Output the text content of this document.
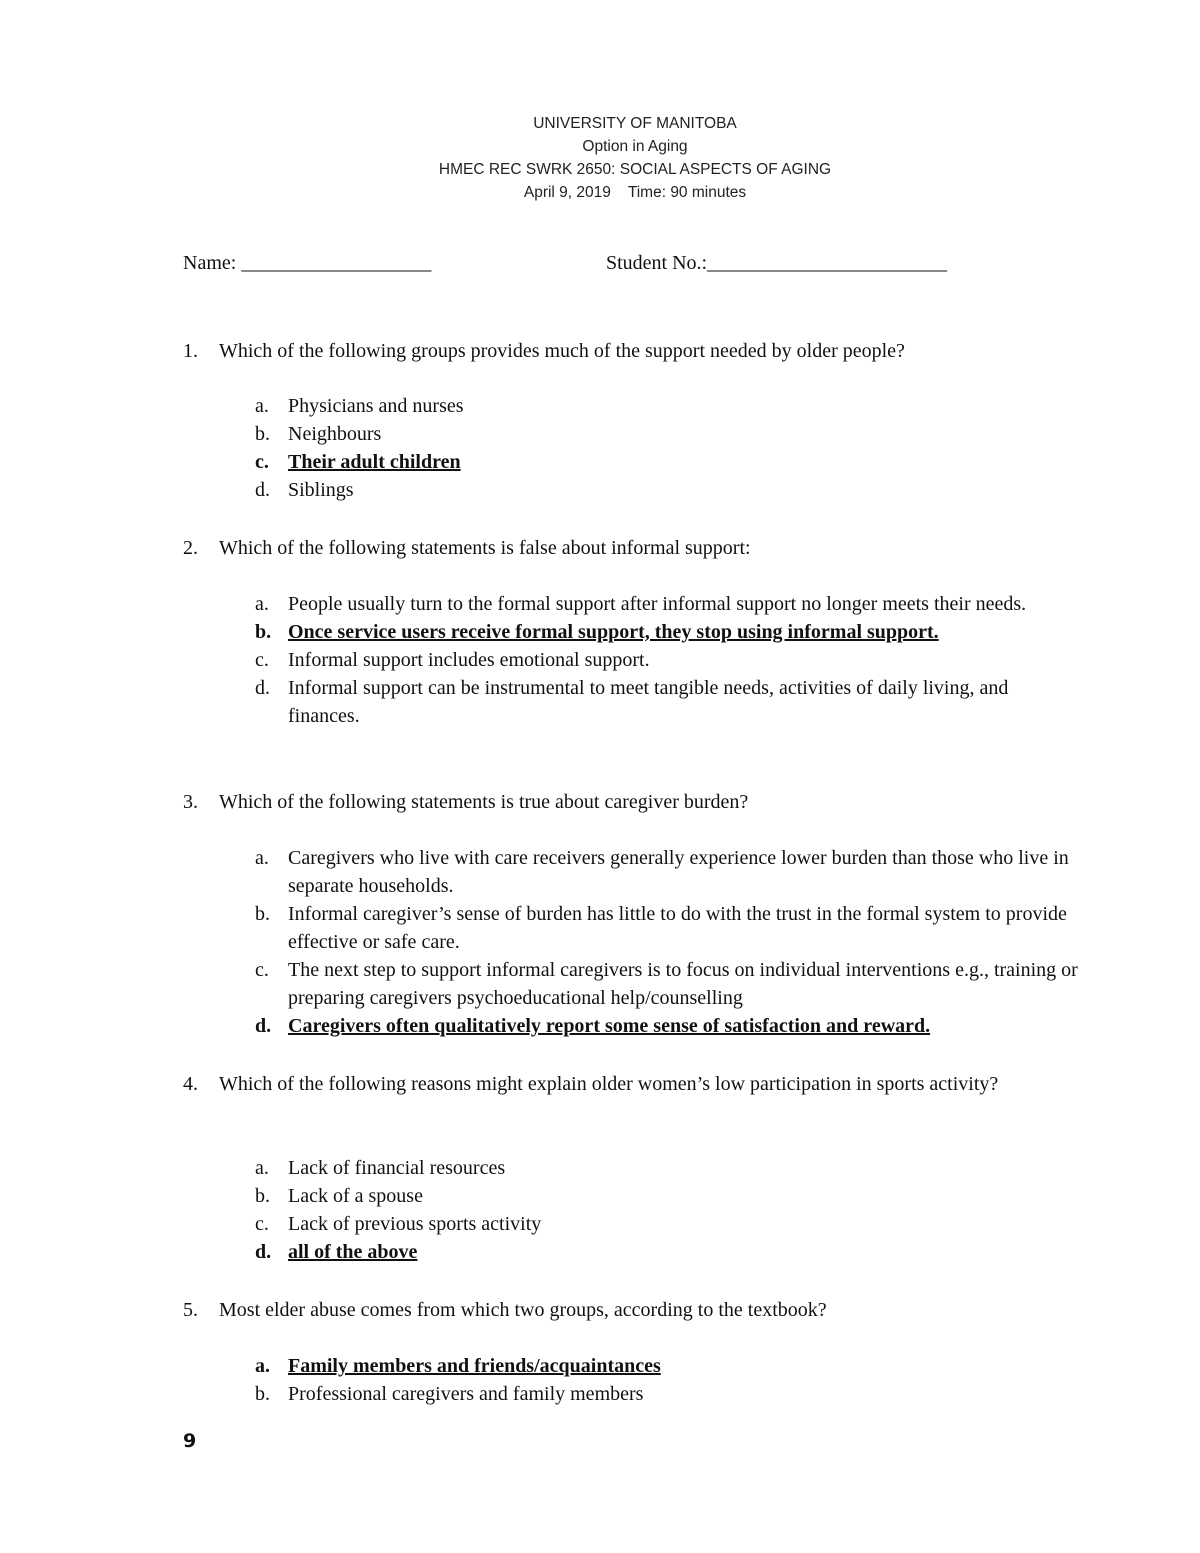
UNIVERSITY OF MANITOBA
Option in Aging
HMEC REC SWRK 2650: SOCIAL ASPECTS OF AGING
April 9, 2019    Time: 90 minutes
Name: ___________________	Student No.:________________________
1. Which of the following groups provides much of the support needed by older people?
a. Physicians and nurses
b. Neighbours
c. Their adult children
d. Siblings
2. Which of the following statements is false about informal support:
a. People usually turn to the formal support after informal support no longer meets their needs.
b. Once service users receive formal support, they stop using informal support.
c. Informal support includes emotional support.
d. Informal support can be instrumental to meet tangible needs, activities of daily living, and finances.
3. Which of the following statements is true about caregiver burden?
a. Caregivers who live with care receivers generally experience lower burden than those who live in separate households.
b. Informal caregiver’s sense of burden has little to do with the trust in the formal system to provide effective or safe care.
c. The next step to support informal caregivers is to focus on individual interventions e.g., training or preparing caregivers psychoeducational help/counselling
d. Caregivers often qualitatively report some sense of satisfaction and reward.
4. Which of the following reasons might explain older women’s low participation in sports activity?
a. Lack of financial resources
b. Lack of a spouse
c. Lack of previous sports activity
d. all of the above
5. Most elder abuse comes from which two groups, according to the textbook?
a. Family members and friends/acquaintances
b. Professional caregivers and family members
9
